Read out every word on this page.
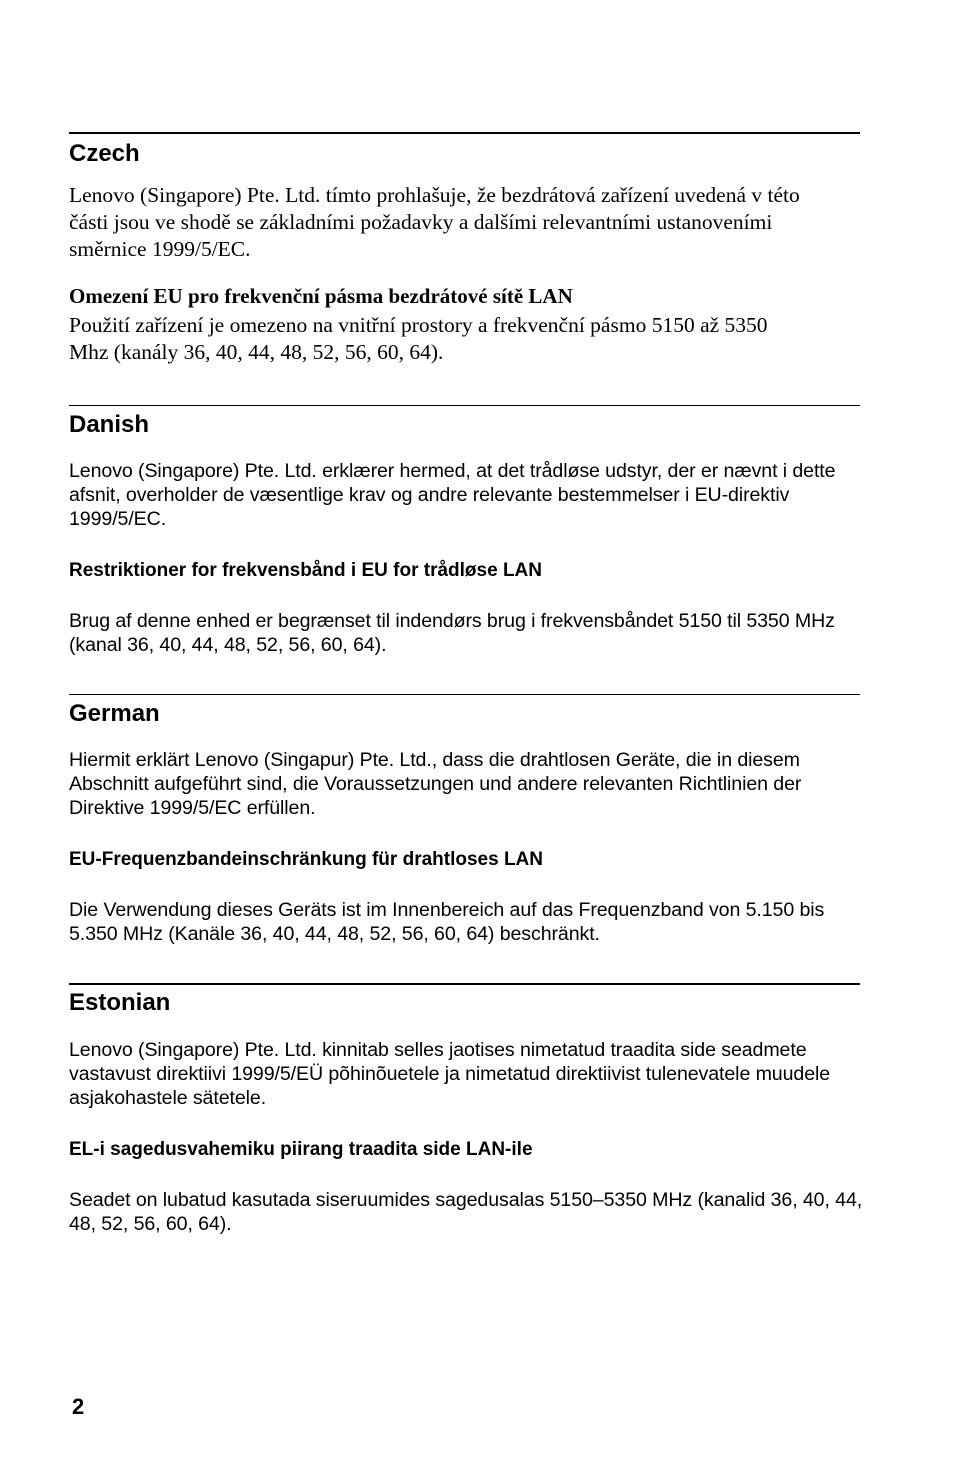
Czech

Lenovo (Singapore) Pte. Ltd. tímto prohlašuje, že bezdrátová zařízení uvedená v této části jsou ve shodě se základními požadavky a dalšími relevantními ustanoveními směrnice 1999/5/EC.

Omezení EU pro frekvenční pásma bezdrátové sítě LAN

Použití zařízení je omezeno na vnitřní prostory a frekvenční pásmo 5150 až 5350 Mhz (kanály 36, 40, 44, 48, 52, 56, 60, 64).

Danish

Lenovo (Singapore) Pte. Ltd. erklærer hermed, at det trådløse udstyr, der er nævnt i dette afsnit, overholder de væsentlige krav og andre relevante bestemmelser i EU-direktiv 1999/5/EC.

Restriktioner for frekvensbånd i EU for trådløse LAN

Brug af denne enhed er begrænset til indendørs brug i frekvensbåndet 5150 til 5350 MHz (kanal 36, 40, 44, 48, 52, 56, 60, 64).

German

Hiermit erklärt Lenovo (Singapur) Pte. Ltd., dass die drahtlosen Geräte, die in diesem Abschnitt aufgeführt sind, die Voraussetzungen und andere relevanten Richtlinien der Direktive 1999/5/EC erfüllen.

EU-Frequenzbandeinschränkung für drahtloses LAN

Die Verwendung dieses Geräts ist im Innenbereich auf das Frequenzband von 5.150 bis 5.350 MHz (Kanäle 36, 40, 44, 48, 52, 56, 60, 64) beschränkt.

Estonian

Lenovo (Singapore) Pte. Ltd. kinnitab selles jaotises nimetatud traadita side seadmete vastavust direktiivi 1999/5/EÜ põhinõuetele ja nimetatud direktiivist tulenevatele muudele asjakohastele sätetele.

EL-i sagedusvahemiku piirang traadita side LAN-ile

Seadet on lubatud kasutada siseruumides sagedusalas 5150–5350 MHz (kanalid 36, 40, 44, 48, 52, 56, 60, 64).

2
